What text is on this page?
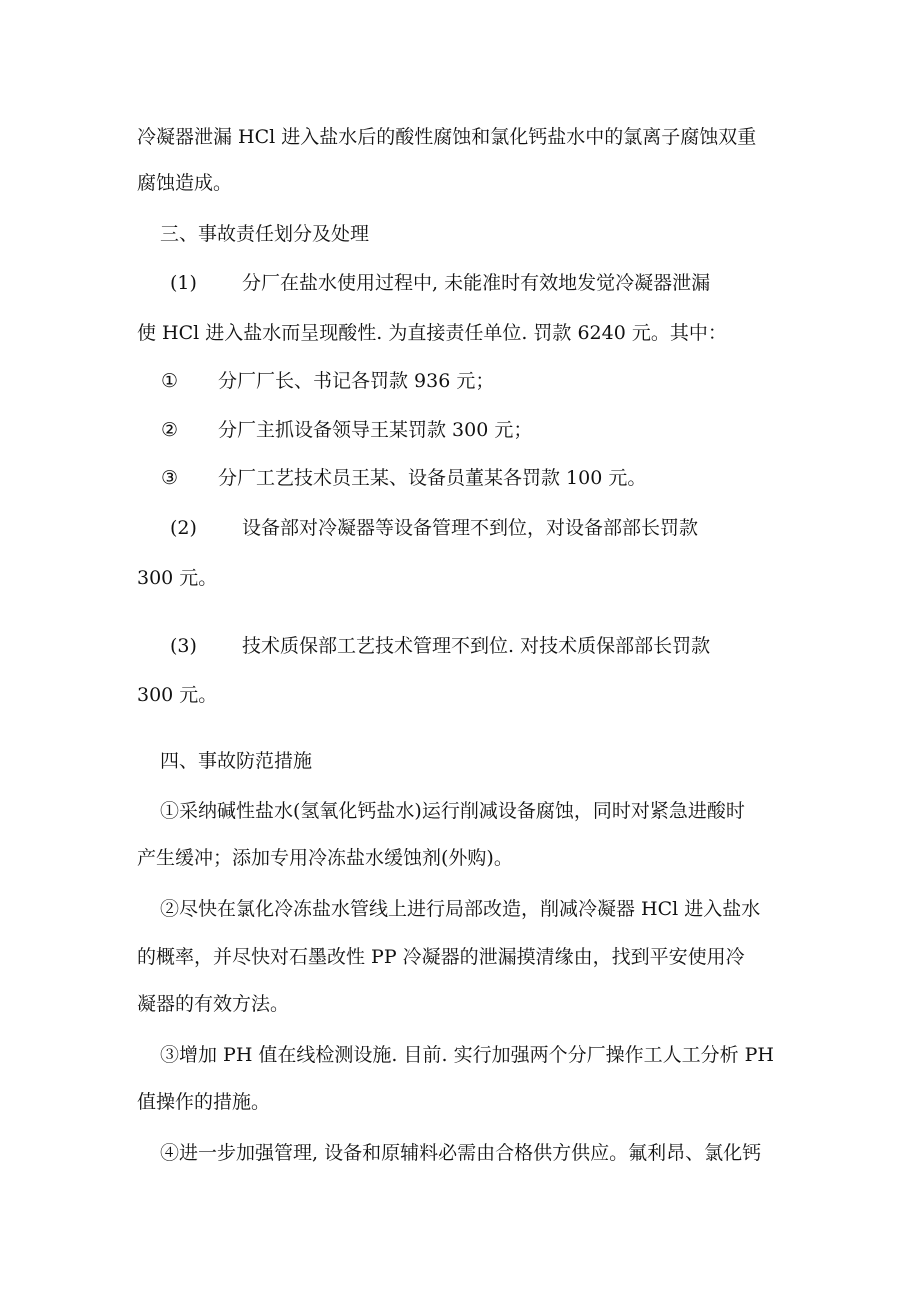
冷凝器泄漏 HCl 进入盐水后的酸性腐蚀和氯化钙盐水中的氯离子腐蚀双重
腐蚀造成。
三、事故责任划分及处理
(1) 分厂在盐水使用过程中, 未能准时有效地发觉冷凝器泄漏
使 HCl 进入盐水而呈现酸性. 为直接责任单位. 罚款 6240 元。其中：
① 分厂厂长、书记各罚款 936 元；
② 分厂主抓设备领导王某罚款 300 元；
③ 分厂工艺技术员王某、设备员董某各罚款 100 元。
(2) 设备部对冷凝器等设备管理不到位，对设备部部长罚款
300 元。
(3) 技术质保部工艺技术管理不到位. 对技术质保部部长罚款
300 元。
四、事故防范措施
①采纳碱性盐水(氢氧化钙盐水)运行削减设备腐蚀，同时对紧急进酸时
产生缓冲；添加专用冷冻盐水缓蚀剂(外购)。
②尽快在氯化冷冻盐水管线上进行局部改造，削减冷凝器 HCl 进入盐水
的概率，并尽快对石墨改性 PP 冷凝器的泄漏摸清缘由，找到平安使用冷
凝器的有效方法。
③增加 PH 值在线检测设施. 目前. 实行加强两个分厂操作工人工分析 PH
值操作的措施。
④进一步加强管理, 设备和原辅料必需由合格供方供应。氟利昂、氯化钙
